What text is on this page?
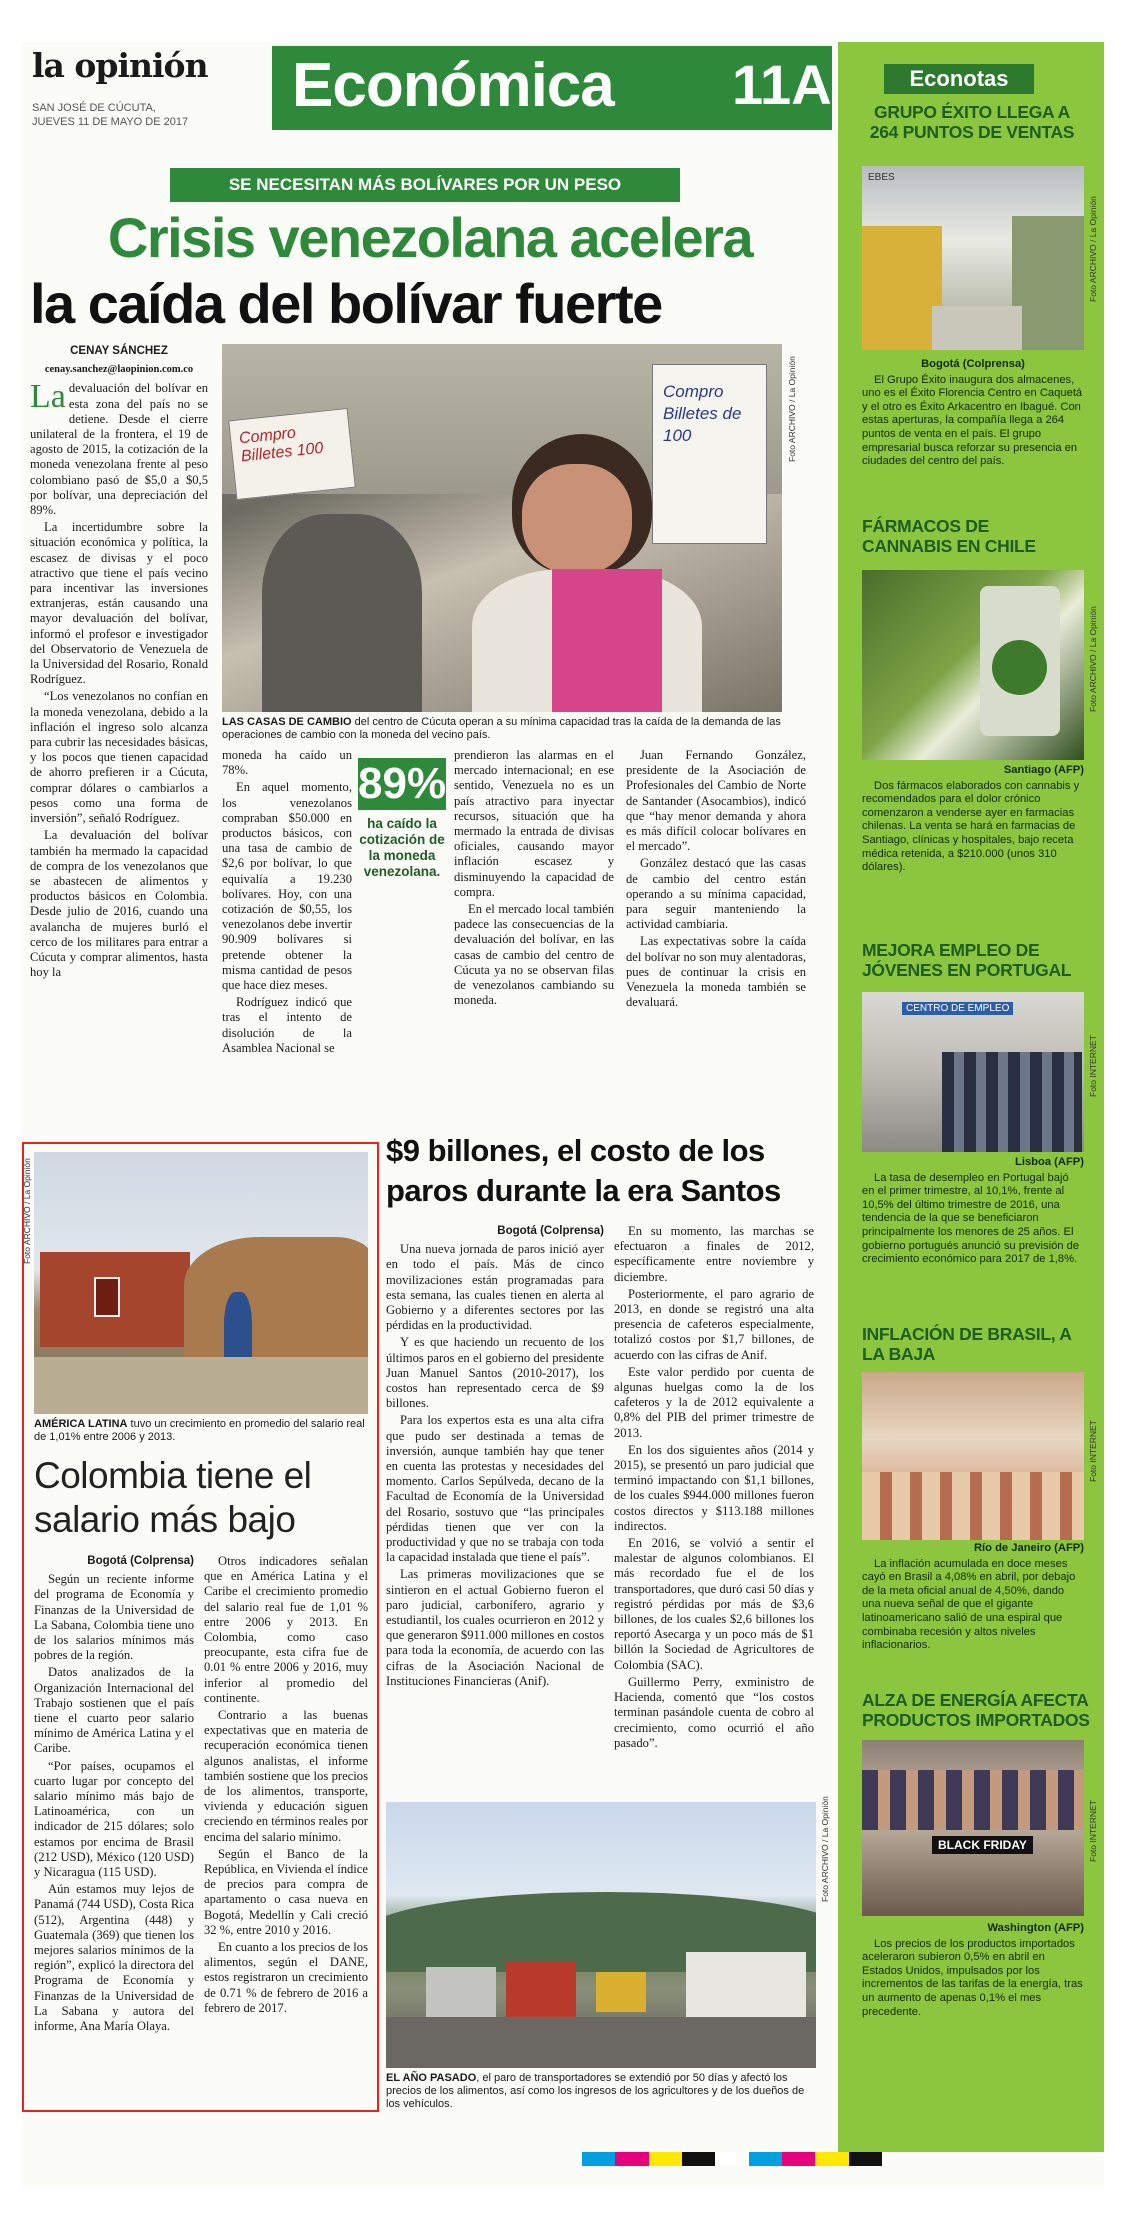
la opinión
SAN JOSÉ DE CÚCUTA,
JUEVES 11 DE MAYO DE 2017
Económica 11A
SE NECESITAN MÁS BOLÍVARES POR UN PESO
Crisis venezolana acelera
la caída del bolívar fuerte
CENAY SÁNCHEZ
cenay.sanchez@laopinion.com.co

La devaluación del bolívar en esta zona del país no se detiene. Desde el cierre unilateral de la frontera, el 19 de agosto de 2015, la cotización de la moneda venezolana frente al peso colombiano pasó de $5,0 a $0,5 por bolívar, una depreciación del 89%.

La incertidumbre sobre la situación económica y política, la escasez de divisas y el poco atractivo que tiene el país vecino para incentivar las inversiones extranjeras, están causando una mayor devaluación del bolívar, informó el profesor e investigador del Observatorio de Venezuela de la Universidad del Rosario, Ronald Rodríguez.

“Los venezolanos no confían en la moneda venezolana, debido a la inflación el ingreso solo alcanza para cubrir las necesidades básicas, y los pocos que tienen capacidad de ahorro prefieren ir a Cúcuta, comprar dólares o cambiarlos a pesos como una forma de inversión”, señaló Rodríguez.

La devaluación del bolívar también ha mermado la capacidad de compra de los venezolanos que se abastecen de alimentos y productos básicos en Colombia. Desde julio de 2016, cuando una avalancha de mujeres burló el cerco de los militares para entrar a Cúcuta y comprar alimentos, hasta hoy la

Compro Billetes 100
Compro Billetes de 100	Foto ARCHIVO / La Opinión
LAS CASAS DE CAMBIO del centro de Cúcuta operan a su mínima capacidad tras la caída de la demanda de las operaciones de cambio con la moneda del vecino país.

moneda ha caído un 78%.

En aquel momento, los venezolanos compraban $50.000 en productos básicos, con una tasa de cambio de $2,6 por bolívar, lo que equivalía a 19.230 bolívares. Hoy, con una cotización de $0,55, los venezolanos debe invertir 90.909 bolívares si pretende obtener la misma cantidad de pesos que hace diez meses.

Rodríguez indicó que tras el intento de disolución de la Asamblea Nacional se

89%
ha caído la cotización de la moneda venezolana.

prendieron las alarmas en el mercado internacional; en ese sentido, Venezuela no es un país atractivo para inyectar recursos, situación que ha mermado la entrada de divisas oficiales, causando mayor inflación escasez y disminuyendo la capacidad de compra.

En el mercado local también padece las consecuencias de la devaluación del bolívar, en las casas de cambio del centro de Cúcuta ya no se observan filas de venezolanos cambiando su moneda.

Juan Fernando González, presidente de la Asociación de Profesionales del Cambio de Norte de Santander (Asocambios), indicó que “hay menor demanda y ahora es más difícil colocar bolívares en el mercado”.

González destacó que las casas de cambio del centro están operando a su mínima capacidad, para seguir manteniendo la actividad cambiaria.

Las expectativas sobre la caída del bolívar no son muy alentadoras, pues de continuar la crisis en Venezuela la moneda también se devaluará.

Foto ARCHIVO / La Opinión
AMÉRICA LATINA tuvo un crecimiento en promedio del salario real de 1,01% entre 2006 y 2013.
Colombia tiene el
salario más bajo
Bogotá (Colprensa)

Según un reciente informe del programa de Economía y Finanzas de la Universidad de La Sabana, Colombia tiene uno de los salarios mínimos más pobres de la región.

Datos analizados de la Organización Internacional del Trabajo sostienen que el país tiene el cuarto peor salario mínimo de América Latina y el Caribe.

“Por países, ocupamos el cuarto lugar por concepto del salario mínimo más bajo de Latinoamérica, con un indicador de 215 dólares; solo estamos por encima de Brasil (212 USD), México (120 USD) y Nicaragua (115 USD).

Aún estamos muy lejos de Panamá (744 USD), Costa Rica (512), Argentina (448) y Guatemala (369) que tienen los mejores salarios mínimos de la región”, explicó la directora del Programa de Economía y Finanzas de la Universidad de La Sabana y autora del informe, Ana María Olaya.

Otros indicadores señalan que en América Latina y el Caribe el crecimiento promedio del salario real fue de 1,01 % entre 2006 y 2013. En Colombia, como caso preocupante, esta cifra fue de 0.01 % entre 2006 y 2016, muy inferior al promedio del continente.

Contrario a las buenas expectativas que en materia de recuperación económica tienen algunos analistas, el informe también sostiene que los precios de los alimentos, transporte, vivienda y educación siguen creciendo en términos reales por encima del salario mínimo.

Según el Banco de la República, en Vivienda el índice de precios para compra de apartamento o casa nueva en Bogotá, Medellín y Cali creció 32 %, entre 2010 y 2016.

En cuanto a los precios de los alimentos, según el DANE, estos registraron un crecimiento de 0.71 % de febrero de 2016 a febrero de 2017.

$9 billones, el costo de los
paros durante la era Santos
Bogotá (Colprensa)

Una nueva jornada de paros inició ayer en todo el país. Más de cinco movilizaciones están programadas para esta semana, las cuales tienen en alerta al Gobierno y a diferentes sectores por las pérdidas en la productividad.

Y es que haciendo un recuento de los últimos paros en el gobierno del presidente Juan Manuel Santos (2010-2017), los costos han representado cerca de $9 billones.

Para los expertos esta es una alta cifra que pudo ser destinada a temas de inversión, aunque también hay que tener en cuenta las protestas y necesidades del momento. Carlos Sepúlveda, decano de la Facultad de Economía de la Universidad del Rosario, sostuvo que “las principales pérdidas tienen que ver con la productividad y que no se trabaja con toda la capacidad instalada que tiene el país”.

Las primeras movilizaciones que se sintieron en el actual Gobierno fueron el paro judicial, carbonífero, agrario y estudiantil, los cuales ocurrieron en 2012 y que generaron $911.000 millones en costos para toda la economía, de acuerdo con las cifras de la Asociación Nacional de Instituciones Financieras (Anif).

En su momento, las marchas se efectuaron a finales de 2012, específicamente entre noviembre y diciembre.

Posteriormente, el paro agrario de 2013, en donde se registró una alta presencia de cafeteros especialmente, totalizó costos por $1,7 billones, de acuerdo con las cifras de Anif.

Este valor perdido por cuenta de algunas huelgas como la de los cafeteros y la de 2012 equivalente a 0,8% del PIB del primer trimestre de 2013.

En los dos siguientes años (2014 y 2015), se presentó un paro judicial que terminó impactando con $1,1 billones, de los cuales $944.000 millones fueron costos directos y $113.188 millones indirectos.

En 2016, se volvió a sentir el malestar de algunos colombianos. El más recordado fue el de los transportadores, que duró casi 50 días y registró pérdidas por más de $3,6 billones, de los cuales $2,6 billones los reportó Asecarga y un poco más de $1 billón la Sociedad de Agricultores de Colombia (SAC).

Guillermo Perry, exministro de Hacienda, comentó que “los costos terminan pasándole cuenta de cobro al crecimiento, como ocurrió el año pasado”.

Foto ARCHIVO / La Opinión
EL AÑO PASADO, el paro de transportadores se extendió por 50 días y afectó los precios de los alimentos, así como los ingresos de los agricultores y de los dueños de los vehículos.
Econotas
GRUPO ÉXITO LLEGA A 264 PUNTOS DE VENTAS
EBES
Foto ARCHIVO / La Opinión
Bogotá (Colprensa)

El Grupo Éxito inaugura dos almacenes, uno es el Éxito Florencia Centro en Caquetá y el otro es Éxito Arkacentro en Ibagué. Con estas aperturas, la compañía llega a 264 puntos de venta en el país. El grupo empresarial busca reforzar su presencia en ciudades del centro del país.

FÁRMACOS DE CANNABIS EN CHILE
Foto ARCHIVO / La Opinión
Santiago (AFP)

Dos fármacos elaborados con cannabis y recomendados para el dolor crónico comenzaron a venderse ayer en farmacias chilenas. La venta se hará en farmacias de Santiago, clínicas y hospitales, bajo receta médica retenida, a $210.000 (unos 310 dólares).

MEJORA EMPLEO DE JÓVENES EN PORTUGAL
CENTRO DE EMPLEO
Foto INTERNET
Lisboa (AFP)

La tasa de desempleo en Portugal bajó en el primer trimestre, al 10,1%, frente al 10,5% del último trimestre de 2016, una tendencia de la que se beneficiaron principalmente los menores de 25 años. El gobierno portugués anunció su previsión de crecimiento económico para 2017 de 1,8%.

INFLACIÓN DE BRASIL, A LA BAJA
Foto INTERNET
Río de Janeiro (AFP)

La inflación acumulada en doce meses cayó en Brasil a 4,08% en abril, por debajo de la meta oficial anual de 4,50%, dando una nueva señal de que el gigante latinoamericano salió de una espiral que combinaba recesión y altos niveles inflacionarios.

ALZA DE ENERGÍA AFECTA PRODUCTOS IMPORTADOS
BLACK FRIDAY	Foto INTERNET
Washington (AFP)

Los precios de los productos importados aceleraron subieron 0,5% en abril en Estados Unidos, impulsados por los incrementos de las tarifas de la energía, tras un aumento de apenas 0,1% el mes precedente.
